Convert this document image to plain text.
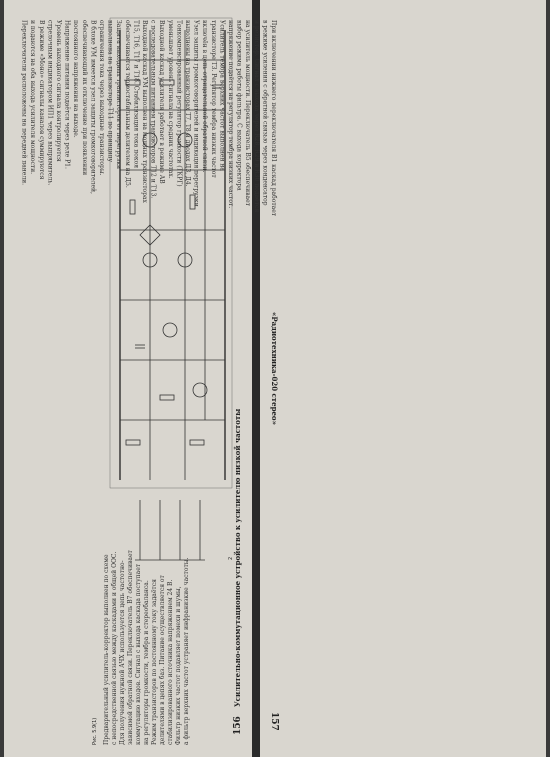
156
Усилительно-коммутационное устройство к усилителю низкой частоты
2
Рис. 5.9(1) Предварительный усилитель-корректор выполнен по схеме с непосредственной связью между каскадами и общей ООС. Для получения нужной АЧХ используется цепь частотно- зависимой обратной связи. Переключатель В7 обеспечивает коммутацию входов. Сигнал с выхода каскада поступает на регуляторы громкости, тембра и стереобаланса. Режим транзисторов по постоянному току задаётся делителями в цепях баз. Питание осуществляется от стабилизированного источника напряжением 24 В. Фильтр низких частот подавляет помехи и шумы, а фильтр верхних частот устраняет инфранизкие частоты.
«Радиотехника-020 стерео»
157
При включении нижнего переключателя В1 каскад работает
в режиме усиления с обратной связью через конденсатор
и резистор. Сигнал с выхода через R28, R29 и R30 подаётся
на усилитель мощности. Переключатель В5 обеспечивает
выбор режима работы фильтра. С выхода корректора
напряжение подаётся на регулятор тембра низких частот.
Усилитель тембра верхних частот выполнен на
транзисторе Т3. Регулятор тембра низких частот
включён в цепь отрицательной обратной связи.
Узел защиты громкоговорителей и индикация перегрузки
выполнены на транзисторах Т7, Т8 и диодах Д3, Д4.
Тонкомпенсированный регулятор громкости (ТКРГ)
уменьшает уровень сигнала на средних частотах.
Выходной каскад усилителя работает в режиме АВ
с последовательным питанием транзисторов Т12 и Т13.
Выходной каскад УМ выполнен на мощных транзисторах
Т15, Т16, Т17 и Т18. Стабилизация тока покоя
обеспечивается термостабильным делителем на Д5.
Защита выходных транзисторов от перегрузки
выполнена на транзисторе Т11 по принципу
ограничения тока через выходные транзисторы.
В блоке УМ имеется узел защиты громкоговорителей,
обеспечивающий их отключение при появлении
постоянного напряжения на выходе.
Напряжение питания подаётся через реле Р1.
Уровень выходного сигнала контролируется
стрелочным индикатором ИП1 через выпрямитель.
В режиме «Моно» сигналы каналов суммируются
и подаются на оба выхода усилителя мощности.
Переключатели расположены на передней панели.
